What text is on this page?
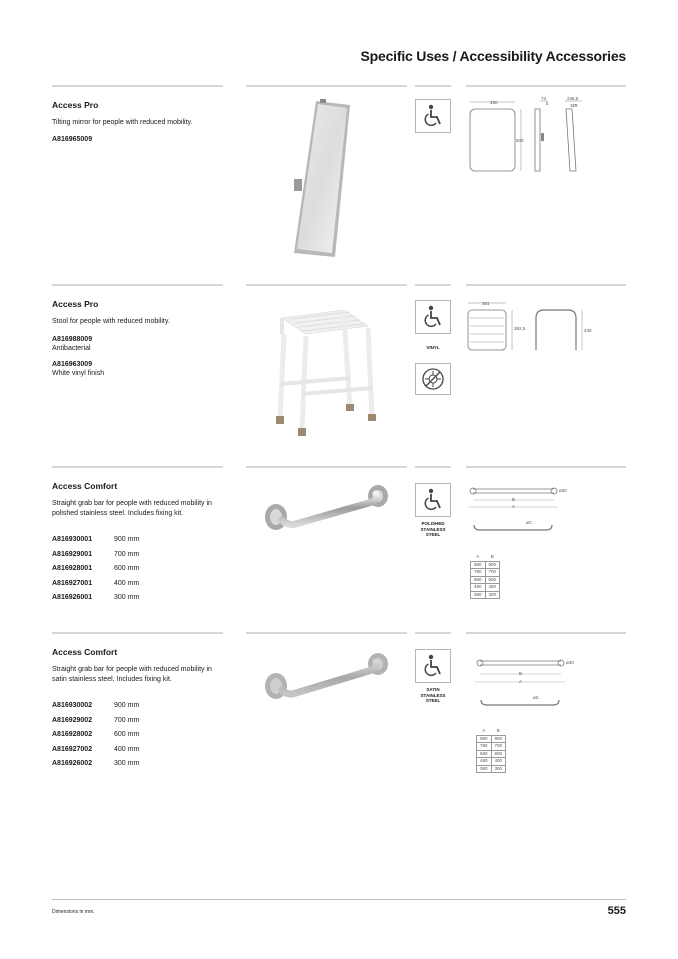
Specific Uses / Accessibility Accessories
Access Pro
Tilting mirror for people with reduced mobility.
A816965009
450
600
73
5
236,5
115
Access Pro
Stool for people with reduced mobility.
A816988009
Antibacterial
A816963009
White vinyl finish
VINYL
381
392,5	430
Access Comfort
Straight grab bar for people with reduced mobility in polished stainless steel. Includes fixing kit.
A816930001	900 mm
A816929001	700 mm
A816928001	600 mm
A816927001	400 mm
A816926001	300 mm
POLISHED
STAINLESS
STEEL
ø30
B
A
øC
A	B
980	900
780	700
680	600
480	400
380	300
Access Comfort
Straight grab bar for people with reduced mobility in satin stainless steel. Includes fixing kit.
A816930002	900 mm
A816929002	700 mm
A816928002	600 mm
A816927002	400 mm
A816926002	300 mm
SATIN
STAINLESS
STEEL
ø30
B
A
øC
A	B
980	900
780	700
680	600
480	400
380	300
Dimensions in mm.	555
